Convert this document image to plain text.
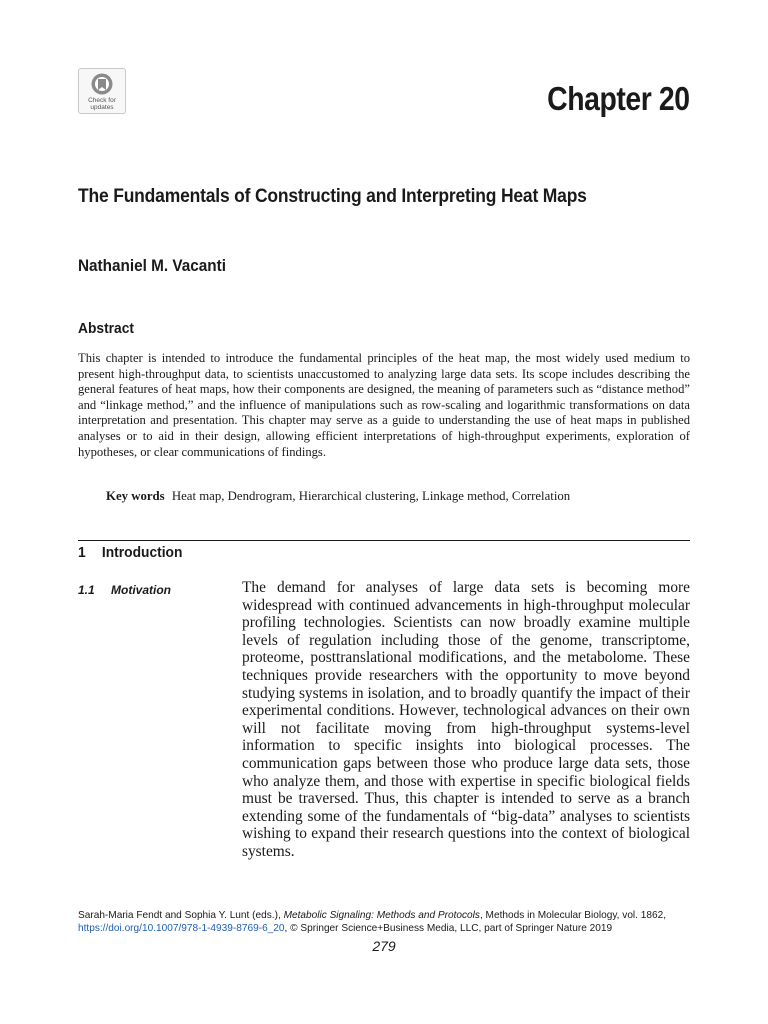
Check for updates	Chapter 20
The Fundamentals of Constructing and Interpreting Heat Maps
Nathaniel M. Vacanti
Abstract
This chapter is intended to introduce the fundamental principles of the heat map, the most widely used medium to present high-throughput data, to scientists unaccustomed to analyzing large data sets. Its scope includes describing the general features of heat maps, how their components are designed, the meaning of parameters such as “distance method” and “linkage method,” and the influence of manipulations such as row-scaling and logarithmic transformations on data interpretation and presentation. This chapter may serve as a guide to understanding the use of heat maps in published analyses or to aid in their design, allowing efficient interpretations of high-throughput experiments, exploration of hypotheses, or clear communications of findings.
Key words Heat map, Dendrogram, Hierarchical clustering, Linkage method, Correlation
1 Introduction
1.1 Motivation	The demand for analyses of large data sets is becoming more widespread with continued advancements in high-throughput molecular profiling technologies. Scientists can now broadly examine multiple levels of regulation including those of the genome, transcriptome, proteome, posttranslational modifications, and the metabolome. These techniques provide researchers with the opportunity to move beyond studying systems in isolation, and to broadly quantify the impact of their experimental conditions. However, technological advances on their own will not facilitate moving from high-throughput systems-level information to specific insights into biological processes. The communication gaps between those who produce large data sets, those who analyze them, and those with expertise in specific biological fields must be traversed. Thus, this chapter is intended to serve as a branch extending some of the fundamentals of “big-data” analyses to scientists wishing to expand their research questions into the context of biological systems.
Sarah-Maria Fendt and Sophia Y. Lunt (eds.), Metabolic Signaling: Methods and Protocols, Methods in Molecular Biology, vol. 1862,
https://doi.org/10.1007/978-1-4939-8769-6_20, © Springer Science+Business Media, LLC, part of Springer Nature 2019
279
